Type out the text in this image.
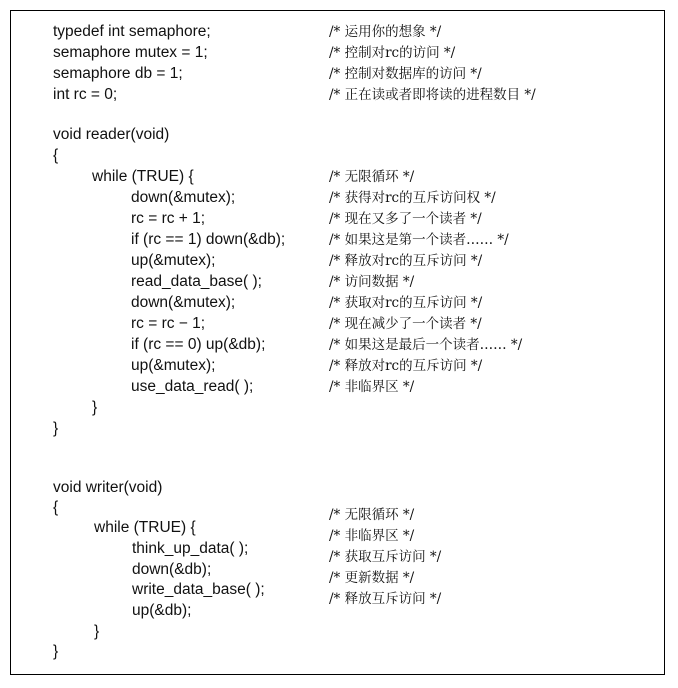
typedef int semaphore;
semaphore mutex = 1;
semaphore db = 1;
int rc = 0;
/* 运用你的想象 */
/* 控制对rc的访问 */
/* 控制对数据库的访问 */
/* 正在读或者即将读的进程数目 */
void reader(void)
{
while (TRUE) {
down(&mutex);
rc = rc + 1;
if (rc == 1) down(&db);
up(&mutex);
read_data_base( );
down(&mutex);
rc = rc − 1;
if (rc == 0) up(&db);
up(&mutex);
use_data_read( );
}
}
/* 无限循环 */
/* 获得对rc的互斥访问权 */
/* 现在又多了一个读者 */
/* 如果这是第一个读者…… */
/* 释放对rc的互斥访问 */
/* 访问数据 */
/* 获取对rc的互斥访问 */
/* 现在减少了一个读者 */
/* 如果这是最后一个读者…… */
/* 释放对rc的互斥访问 */
/* 非临界区 */
void writer(void)
{
while (TRUE) {
think_up_data( );
down(&db);
write_data_base( );
up(&db);
}
}
/* 无限循环 */
/* 非临界区 */
/* 获取互斥访问 */
/* 更新数据 */
/* 释放互斥访问 */
